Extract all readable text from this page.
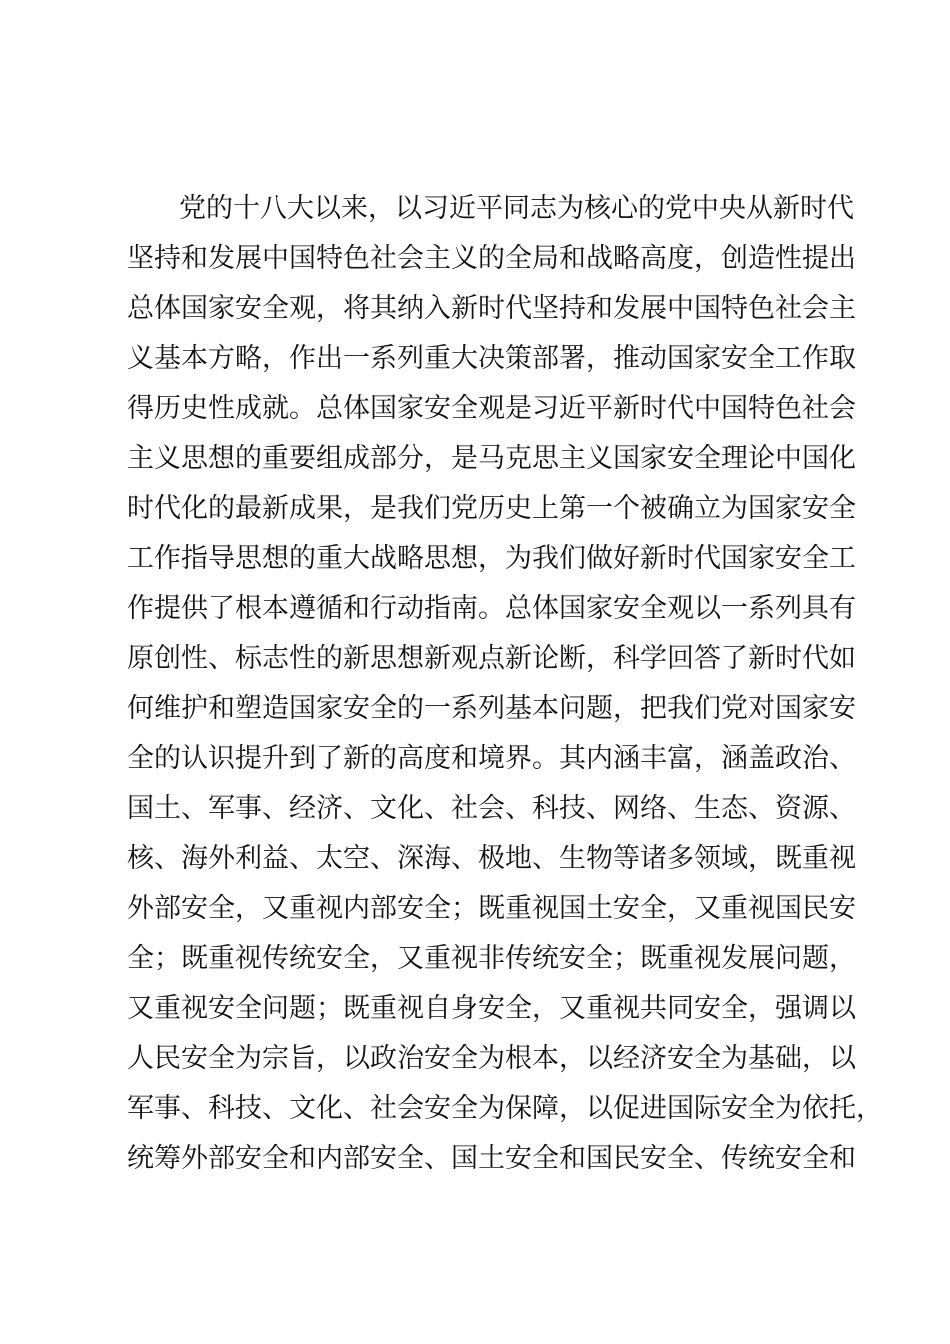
党的十八大以来，以习近平同志为核心的党中央从新时代
坚持和发展中国特色社会主义的全局和战略高度，创造性提出
总体国家安全观，将其纳入新时代坚持和发展中国特色社会主
义基本方略，作出一系列重大决策部署，推动国家安全工作取
得历史性成就。总体国家安全观是习近平新时代中国特色社会
主义思想的重要组成部分，是马克思主义国家安全理论中国化
时代化的最新成果，是我们党历史上第一个被确立为国家安全
工作指导思想的重大战略思想，为我们做好新时代国家安全工
作提供了根本遵循和行动指南。总体国家安全观以一系列具有
原创性、标志性的新思想新观点新论断，科学回答了新时代如
何维护和塑造国家安全的一系列基本问题，把我们党对国家安
全的认识提升到了新的高度和境界。其内涵丰富，涵盖政治、
国土、军事、经济、文化、社会、科技、网络、生态、资源、
核、海外利益、太空、深海、极地、生物等诸多领域，既重视
外部安全，又重视内部安全；既重视国土安全，又重视国民安
全；既重视传统安全，又重视非传统安全；既重视发展问题，
又重视安全问题；既重视自身安全，又重视共同安全，强调以
人民安全为宗旨，以政治安全为根本，以经济安全为基础，以
军事、科技、文化、社会安全为保障，以促进国际安全为依托，
统筹外部安全和内部安全、国土安全和国民安全、传统安全和
